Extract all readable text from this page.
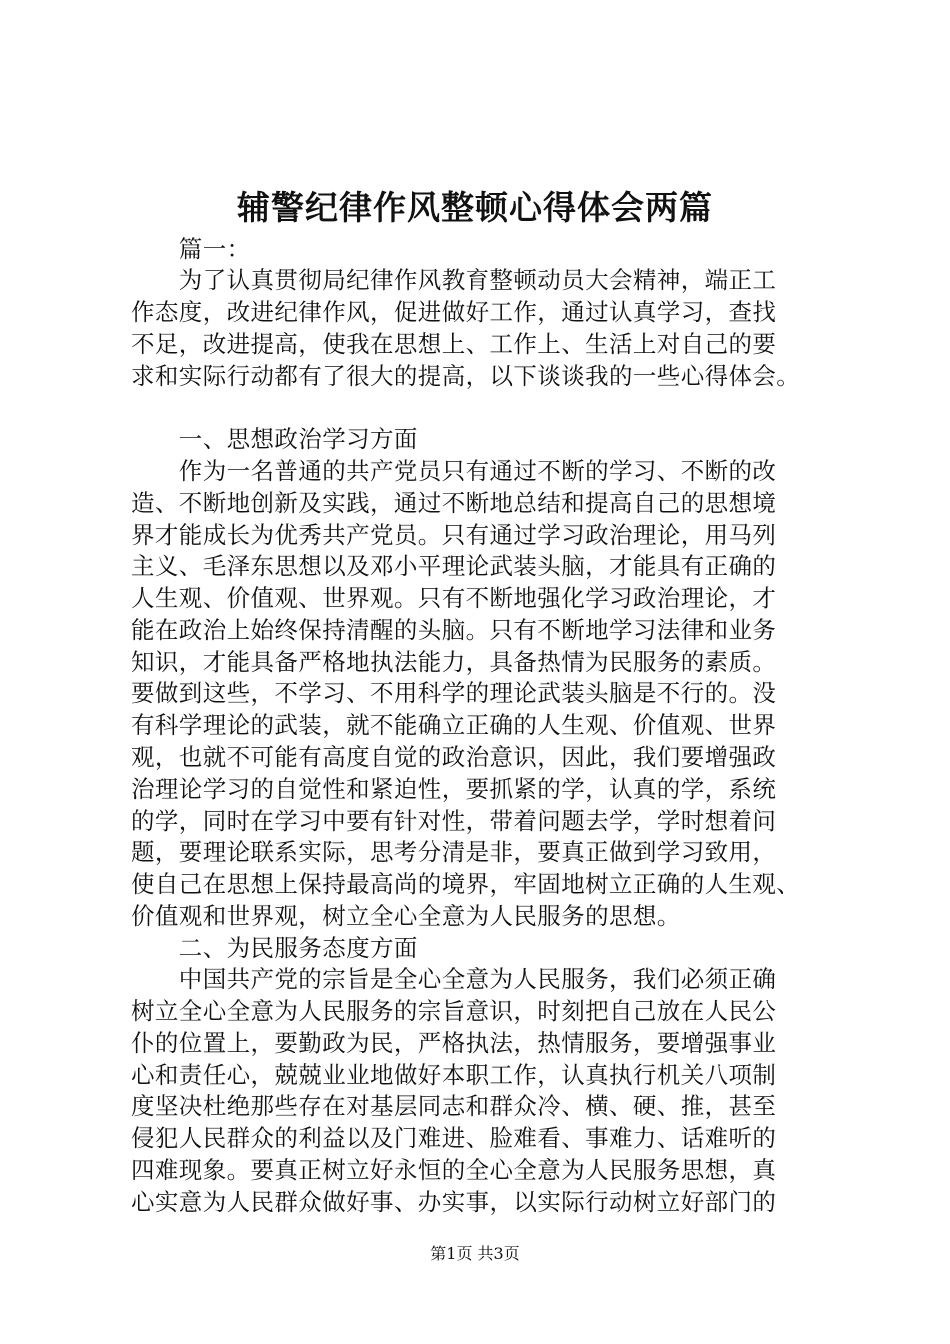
辅警纪律作风整顿心得体会两篇
　　篇一：
　　为了认真贯彻局纪律作风教育整顿动员大会精神，端正工
作态度，改进纪律作风，促进做好工作，通过认真学习，查找
不足，改进提高，使我在思想上、工作上、生活上对自己的要
求和实际行动都有了很大的提高，以下谈谈我的一些心得体会。
　　一、思想政治学习方面
　　作为一名普通的共产党员只有通过不断的学习、不断的改
造、不断地创新及实践，通过不断地总结和提高自己的思想境
界才能成长为优秀共产党员。只有通过学习政治理论，用马列
主义、毛泽东思想以及邓小平理论武装头脑，才能具有正确的
人生观、价值观、世界观。只有不断地强化学习政治理论，才
能在政治上始终保持清醒的头脑。只有不断地学习法律和业务
知识，才能具备严格地执法能力，具备热情为民服务的素质。
要做到这些，不学习、不用科学的理论武装头脑是不行的。没
有科学理论的武装，就不能确立正确的人生观、价值观、世界
观，也就不可能有高度自觉的政治意识，因此，我们要增强政
治理论学习的自觉性和紧迫性，要抓紧的学，认真的学，系统
的学，同时在学习中要有针对性，带着问题去学，学时想着问
题，要理论联系实际，思考分清是非，要真正做到学习致用，
使自己在思想上保持最高尚的境界，牢固地树立正确的人生观、
价值观和世界观，树立全心全意为人民服务的思想。
　　二、为民服务态度方面
　　中国共产党的宗旨是全心全意为人民服务，我们必须正确
树立全心全意为人民服务的宗旨意识，时刻把自己放在人民公
仆的位置上，要勤政为民，严格执法，热情服务，要增强事业
心和责任心，兢兢业业地做好本职工作，认真执行机关八项制
度坚决杜绝那些存在对基层同志和群众冷、横、硬、推，甚至
侵犯人民群众的利益以及门难进、脸难看、事难力、话难听的
四难现象。要真正树立好永恒的全心全意为人民服务思想，真
心实意为人民群众做好事、办实事，以实际行动树立好部门的
第1页 共3页
